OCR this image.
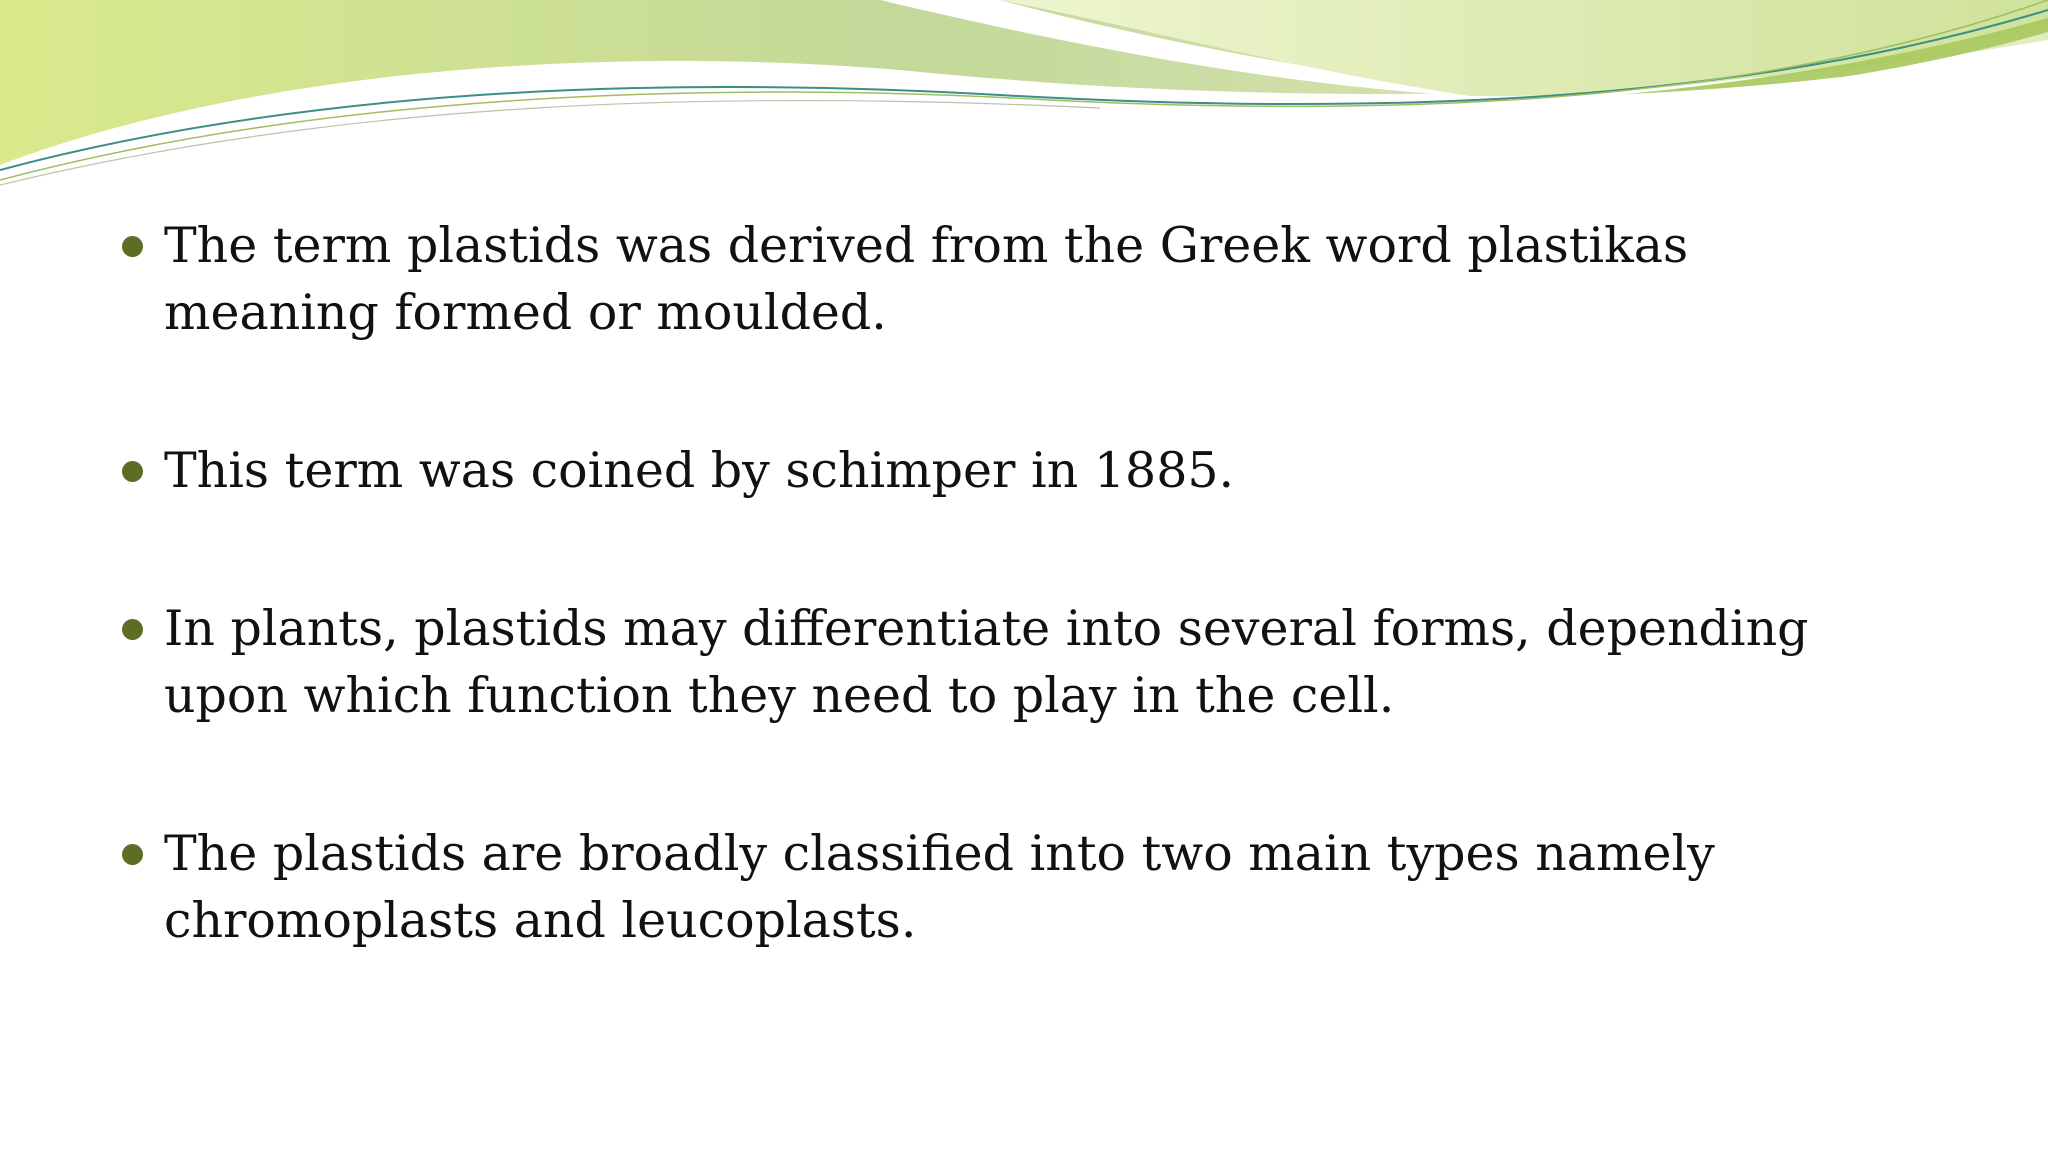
The term plastids was derived from the Greek word plastikas meaning formed or moulded.
This term was coined by schimper in 1885.
In plants, plastids may differentiate into several forms, depending upon which function they need to play in the cell.
The plastids are broadly classified into two main types namely chromoplasts and leucoplasts.
